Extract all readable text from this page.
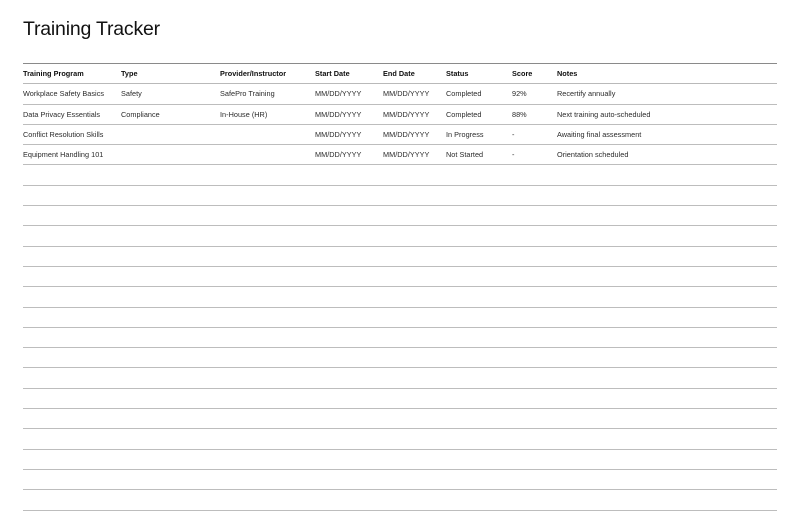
Training Tracker
Training Program	Type	Provider/Instructor	Start Date	End Date	Status	Score	Notes

Workplace Safety Basics	Safety	SafePro Training	MM/DD/YYYY	MM/DD/YYYY	Completed	92%	Recertify annually

Data Privacy Essentials	Compliance	In-House (HR)	MM/DD/YYYY	MM/DD/YYYY	Completed	88%	Next training auto-scheduled

Conflict Resolution Skills			MM/DD/YYYY	MM/DD/YYYY	In Progress	-	Awaiting final assessment

Equipment Handling 101			MM/DD/YYYY	MM/DD/YYYY	Not Started	-	Orientation scheduled
